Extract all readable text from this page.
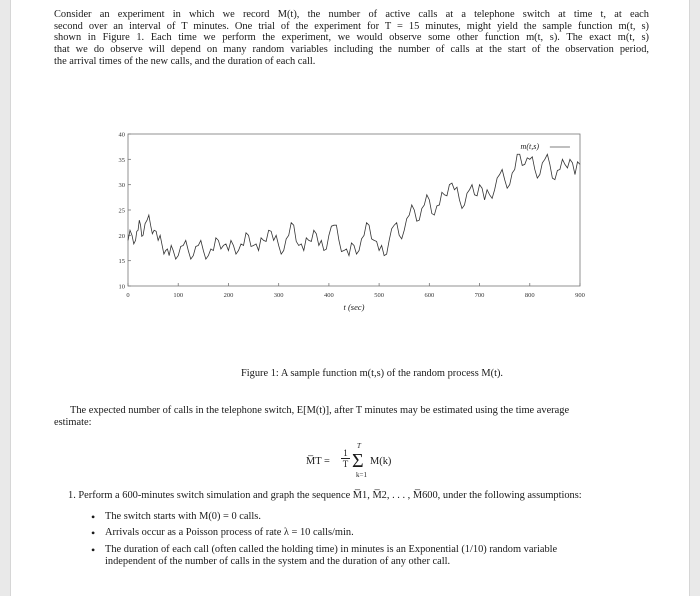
Consider an experiment in which we record M(t), the number of active calls at a telephone switch at time t, at each
second over an interval of T minutes. One trial of the experiment for T = 15 minutes, might yield the sample function m(t, s)
shown in Figure 1. Each time we perform the experiment, we would observe some other function m(t, s). The exact m(t, s)
that we do observe will depend on many random variables including the number of calls at the start of the observation period,
the arrival times of the new calls, and the duration of each call.
0	100	200	300	400	500	600	700	800	900
10
15
20
25
30
35
40
t (sec)
m(t,s)
Figure 1: A sample function m(t,s) of the random process M(t).
The expected number of calls in the telephone switch, E[M(t)], after T minutes may be estimated using the time average
estimate:
M̅T = $\frac{1}{T}$
T
Σ
k=1
M(k)
1. Perform a 600-minutes switch simulation and graph the sequence M̅1, M̅2, . . . , M̅600, under the following assumptions:
• The switch starts with M(0) = 0 calls.
• Arrivals occur as a Poisson process of rate λ = 10 calls/min.
• The duration of each call (often called the holding time) in minutes is an Exponential (1/10) random variable
independent of the number of calls in the system and the duration of any other call.
